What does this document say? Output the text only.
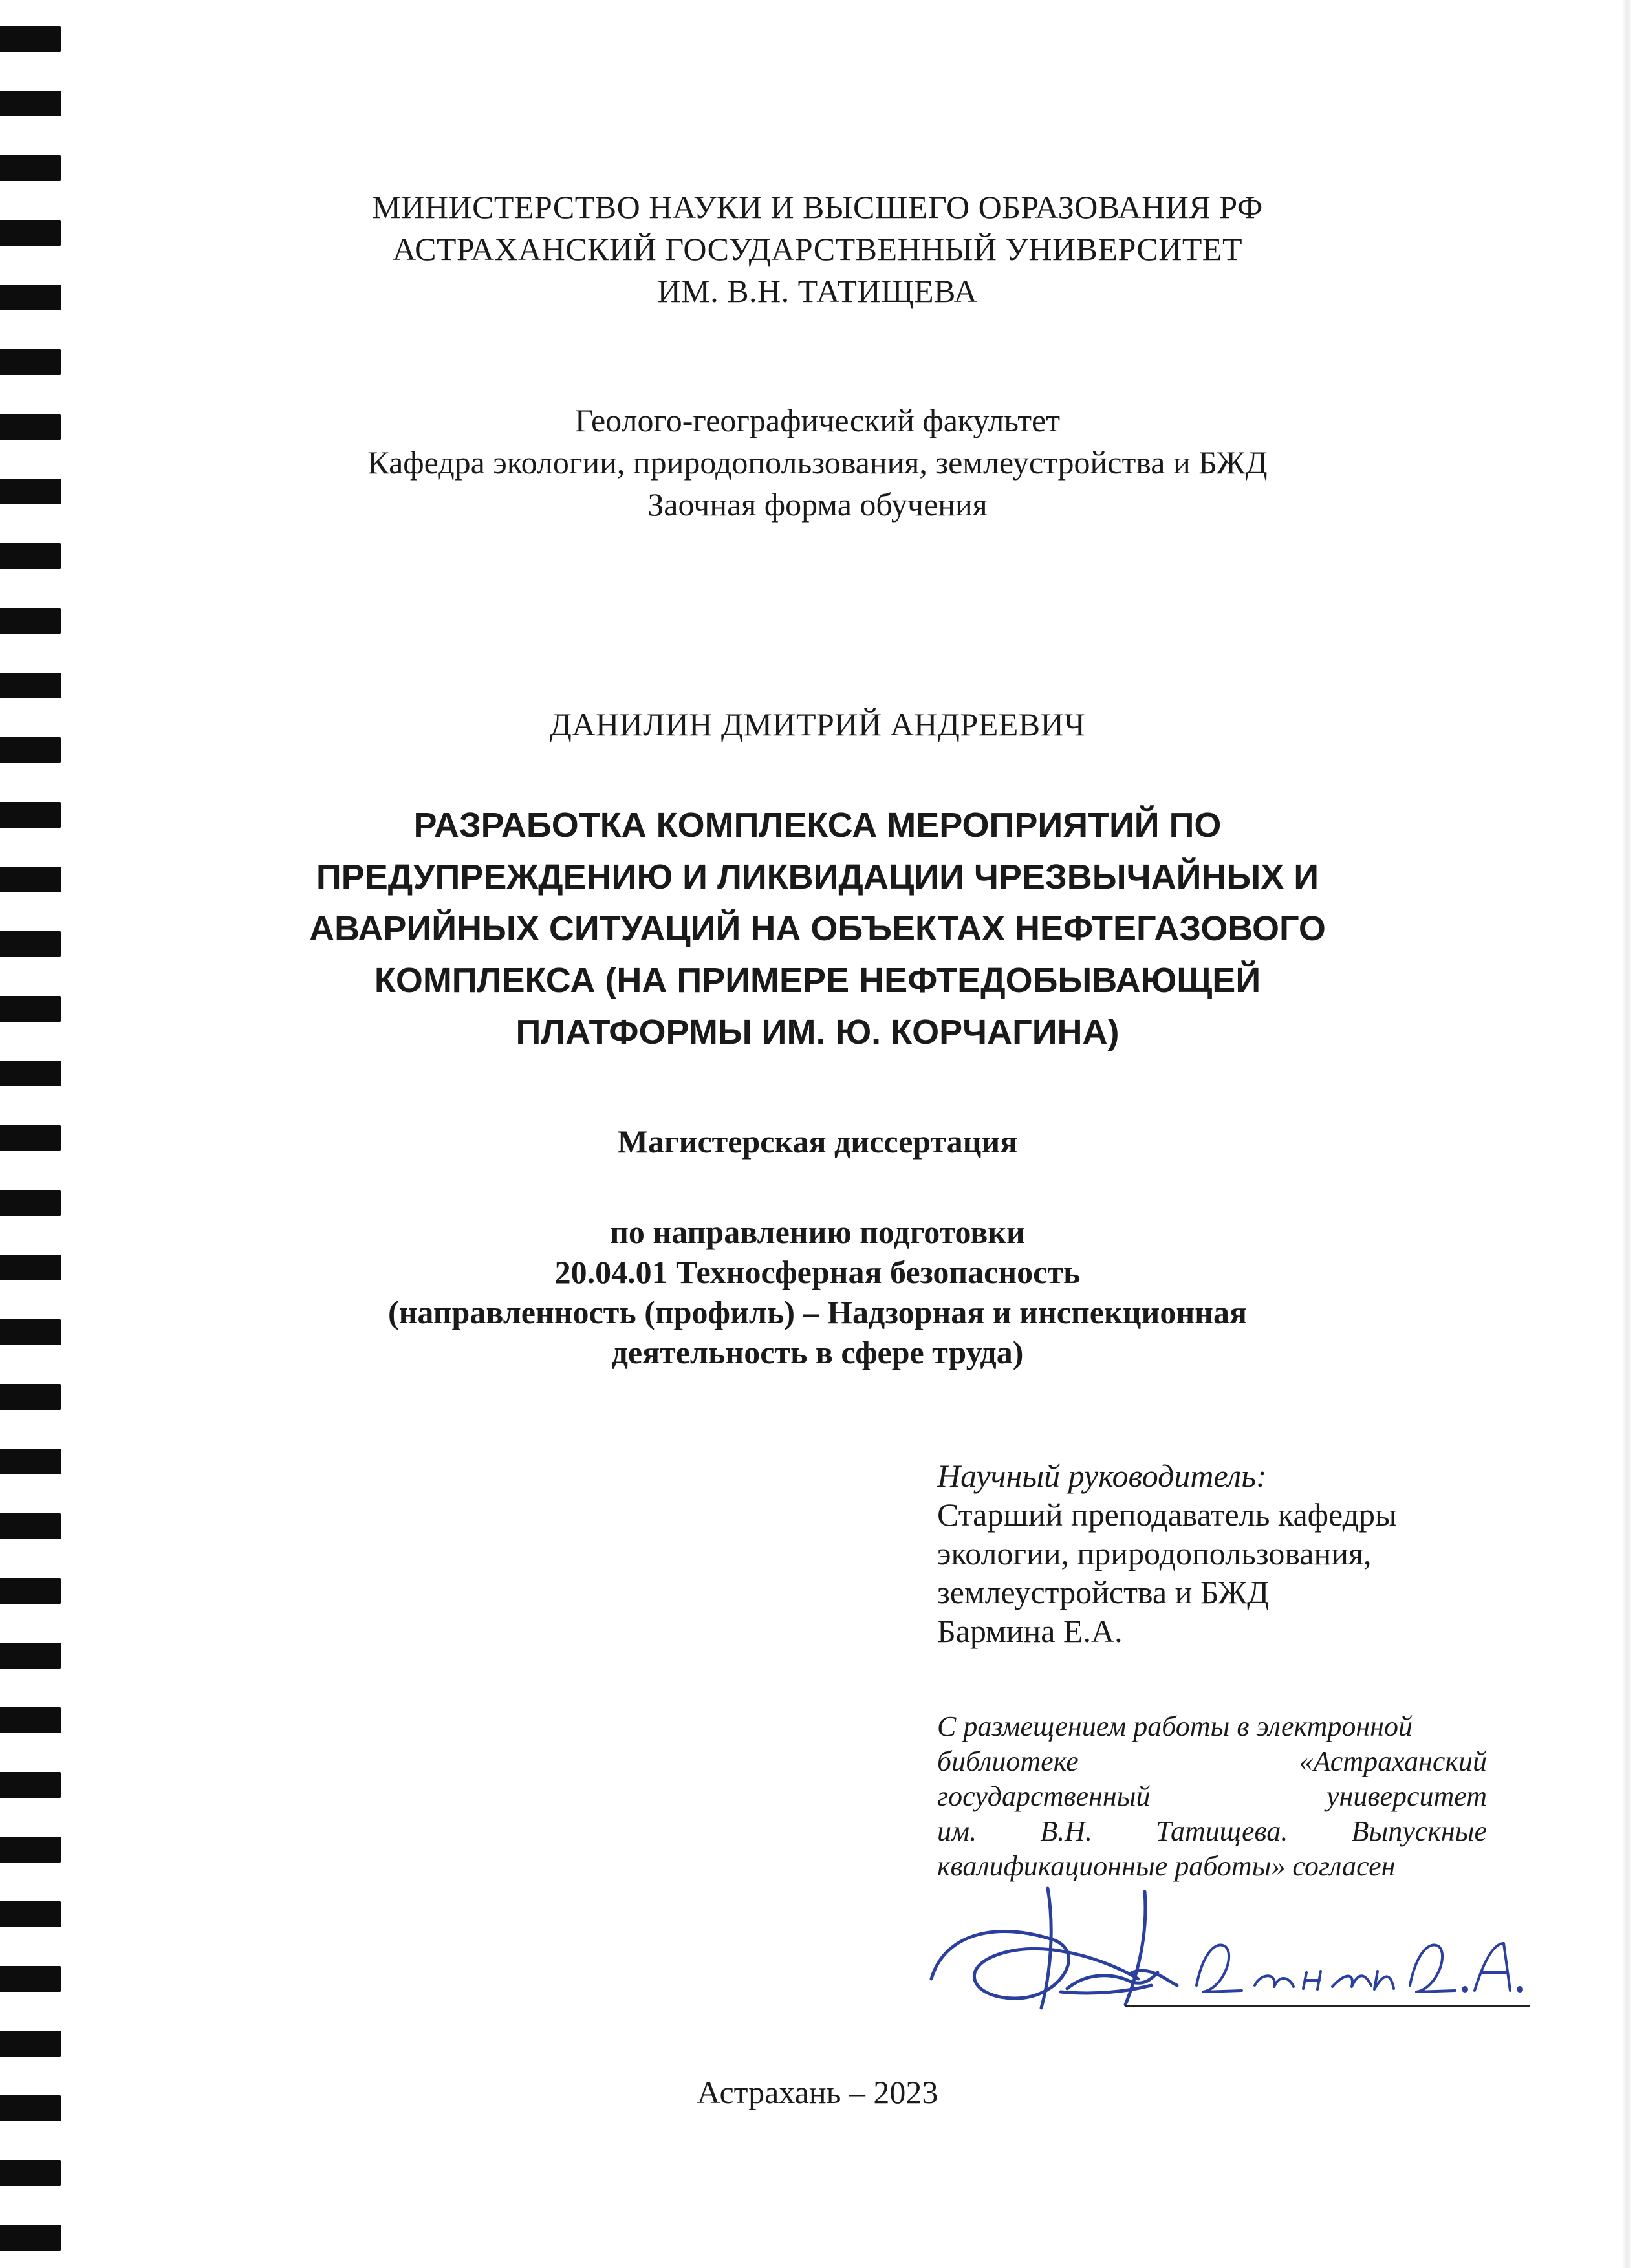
МИНИСТЕРСТВО НАУКИ И ВЫСШЕГО ОБРАЗОВАНИЯ РФ
АСТРАХАНСКИЙ ГОСУДАРСТВЕННЫЙ УНИВЕРСИТЕТ
ИМ. В.Н. ТАТИЩЕВА
Геолого-географический факультет
Кафедра экологии, природопользования, землеустройства и БЖД
Заочная форма обучения
ДАНИЛИН ДМИТРИЙ АНДРЕЕВИЧ
РАЗРАБОТКА КОМПЛЕКСА МЕРОПРИЯТИЙ ПО
ПРЕДУПРЕЖДЕНИЮ И ЛИКВИДАЦИИ ЧРЕЗВЫЧАЙНЫХ И
АВАРИЙНЫХ СИТУАЦИЙ НА ОБЪЕКТАХ НЕФТЕГАЗОВОГО
КОМПЛЕКСА (НА ПРИМЕРЕ НЕФТЕДОБЫВАЮЩЕЙ
ПЛАТФОРМЫ ИМ. Ю. КОРЧАГИНА)
Магистерская диссертация
по направлению подготовки
20.04.01 Техносферная безопасность
(направленность (профиль) – Надзорная и инспекционная
деятельность в сфере труда)
Научный руководитель:
Старший преподаватель кафедры
экологии, природопользования,
землеустройства и БЖД
Бармина Е.А.
С размещением работы в электронной
библиотеке	«Астраханский
государственный	университет
им. В.Н. Татищева. Выпускные
квалификационные работы» согласен
Астрахань – 2023
